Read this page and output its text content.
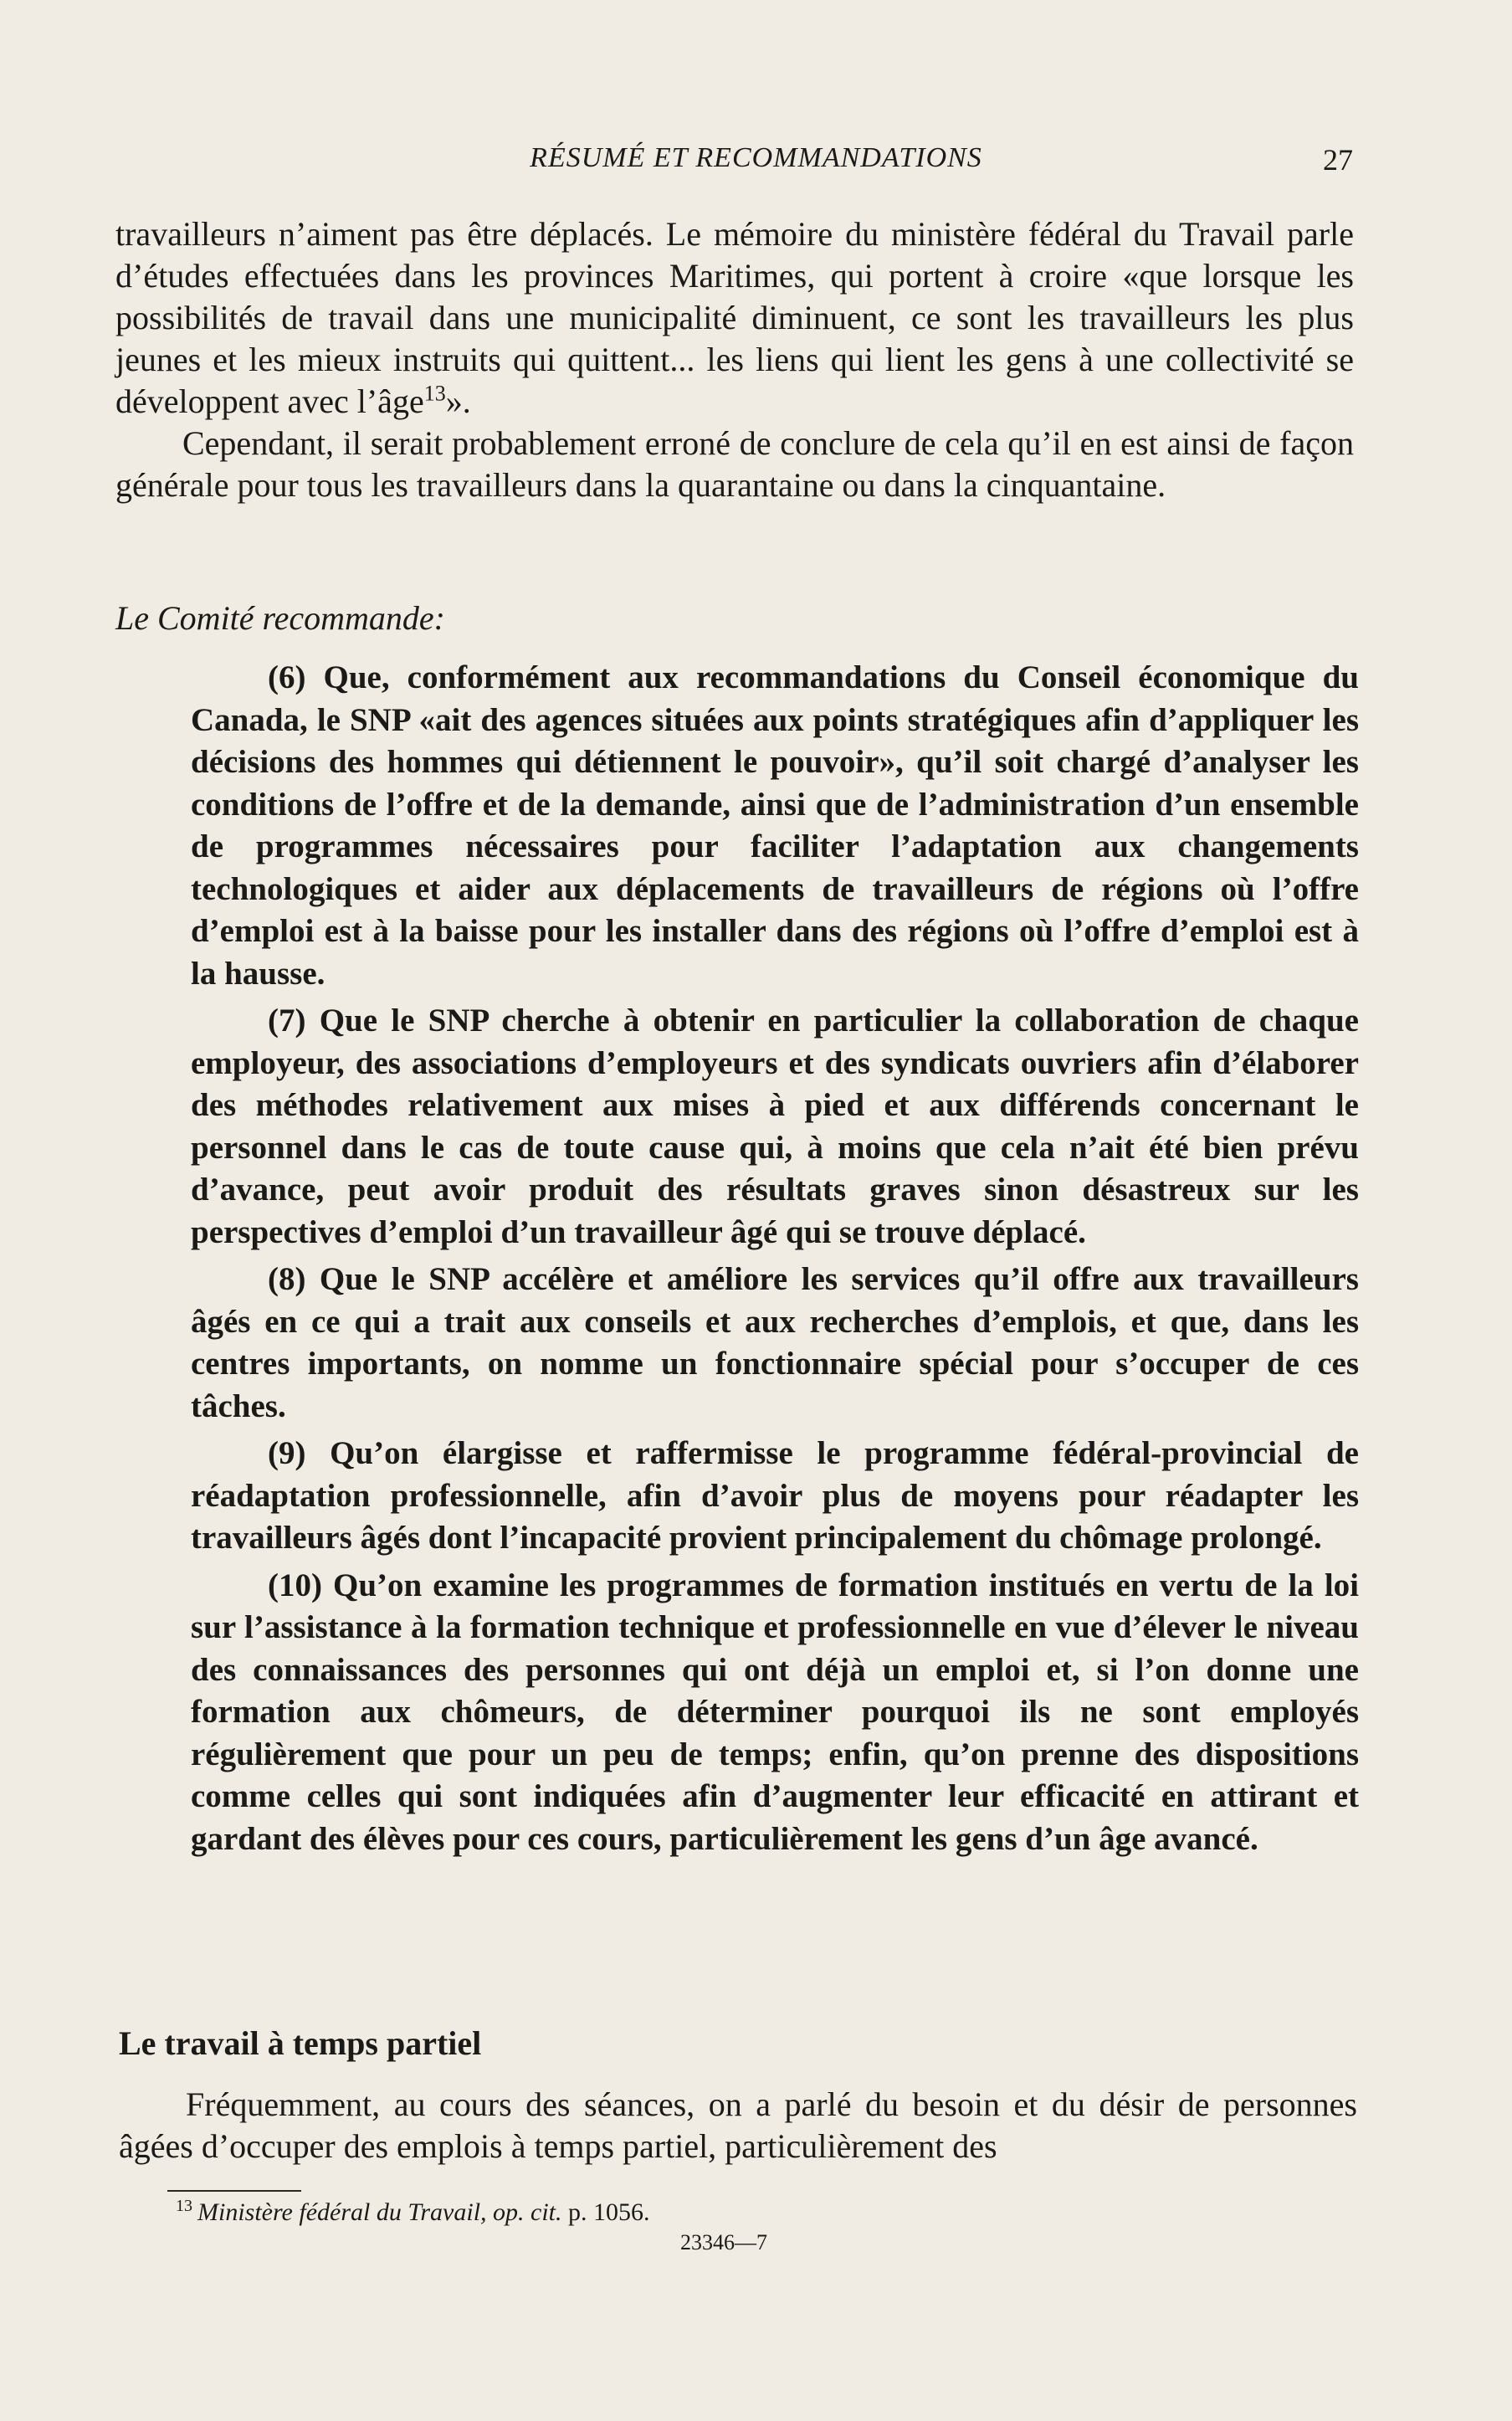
RÉSUMÉ ET RECOMMANDATIONS	27

travailleurs n’aiment pas être déplacés. Le mémoire du ministère fédéral du Travail parle d’études effectuées dans les provinces Maritimes, qui portent à croire «que lorsque les possibilités de travail dans une municipalité diminuent, ce sont les travailleurs les plus jeunes et les mieux instruits qui quittent... les liens qui lient les gens à une collectivité se développent avec l’âge$^{13}$».

Cependant, il serait probablement erroné de conclure de cela qu’il en est ainsi de façon générale pour tous les travailleurs dans la quarantaine ou dans la cinquantaine.

Le Comité recommande:

(6) Que, conformément aux recommandations du Conseil économique du Canada, le SNP «ait des agences situées aux points stratégiques afin d’appliquer les décisions des hommes qui détiennent le pouvoir», qu’il soit chargé d’analyser les conditions de l’offre et de la demande, ainsi que de l’administration d’un ensemble de programmes nécessaires pour faciliter l’adaptation aux changements technologiques et aider aux déplacements de travailleurs de régions où l’offre d’emploi est à la baisse pour les installer dans des régions où l’offre d’emploi est à la hausse.

(7) Que le SNP cherche à obtenir en particulier la collaboration de chaque employeur, des associations d’employeurs et des syndicats ouvriers afin d’élaborer des méthodes relativement aux mises à pied et aux différends concernant le personnel dans le cas de toute cause qui, à moins que cela n’ait été bien prévu d’avance, peut avoir produit des résultats graves sinon désastreux sur les perspectives d’emploi d’un travailleur âgé qui se trouve déplacé.

(8) Que le SNP accélère et améliore les services qu’il offre aux travailleurs âgés en ce qui a trait aux conseils et aux recherches d’emplois, et que, dans les centres importants, on nomme un fonctionnaire spécial pour s’occuper de ces tâches.

(9) Qu’on élargisse et raffermisse le programme fédéral-provincial de réadaptation professionnelle, afin d’avoir plus de moyens pour réadapter les travailleurs âgés dont l’incapacité provient principalement du chômage prolongé.

(10) Qu’on examine les programmes de formation institués en vertu de la loi sur l’assistance à la formation technique et professionnelle en vue d’élever le niveau des connaissances des personnes qui ont déjà un emploi et, si l’on donne une formation aux chômeurs, de déterminer pourquoi ils ne sont employés régulièrement que pour un peu de temps; enfin, qu’on prenne des dispositions comme celles qui sont indiquées afin d’augmenter leur efficacité en attirant et gardant des élèves pour ces cours, particulièrement les gens d’un âge avancé.

Le travail à temps partiel

Fréquemment, au cours des séances, on a parlé du besoin et du désir de personnes âgées d’occuper des emplois à temps partiel, particulièrement des

$^{13}$ Ministère fédéral du Travail, op. cit. p. 1056.
23346—7
